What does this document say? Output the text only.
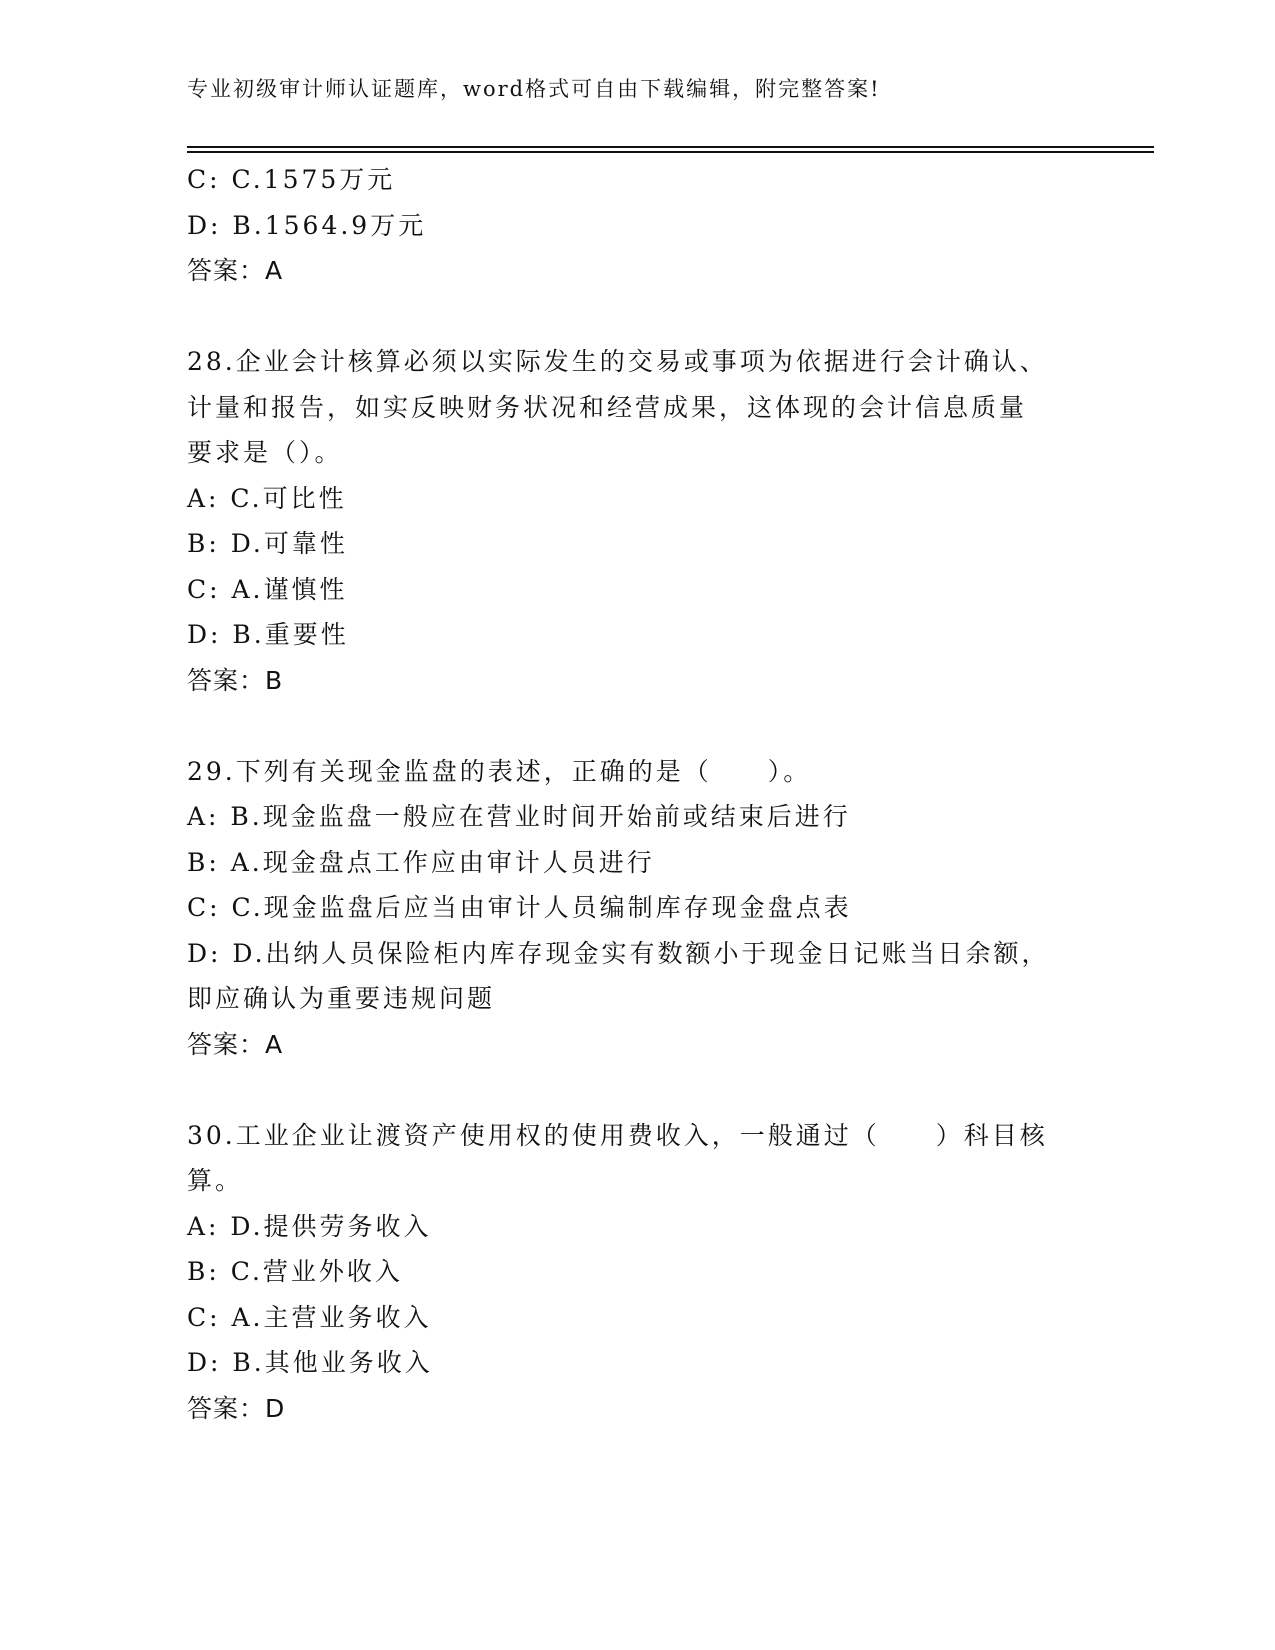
专业初级审计师认证题库，word格式可自由下载编辑，附完整答案!
C: C.1575万元
D: B.1564.9万元
答案：A
28.企业会计核算必须以实际发生的交易或事项为依据进行会计确认、
计量和报告，如实反映财务状况和经营成果，这体现的会计信息质量
要求是（）。
A: C.可比性
B: D.可靠性
C: A.谨慎性
D: B.重要性
答案：B
29.下列有关现金监盘的表述，正确的是（　　）。
A: B.现金监盘一般应在营业时间开始前或结束后进行
B: A.现金盘点工作应由审计人员进行
C: C.现金监盘后应当由审计人员编制库存现金盘点表
D: D.出纳人员保险柜内库存现金实有数额小于现金日记账当日余额，
即应确认为重要违规问题
答案：A
30.工业企业让渡资产使用权的使用费收入，一般通过（　　）科目核
算。
A: D.提供劳务收入
B: C.营业外收入
C: A.主营业务收入
D: B.其他业务收入
答案：D
